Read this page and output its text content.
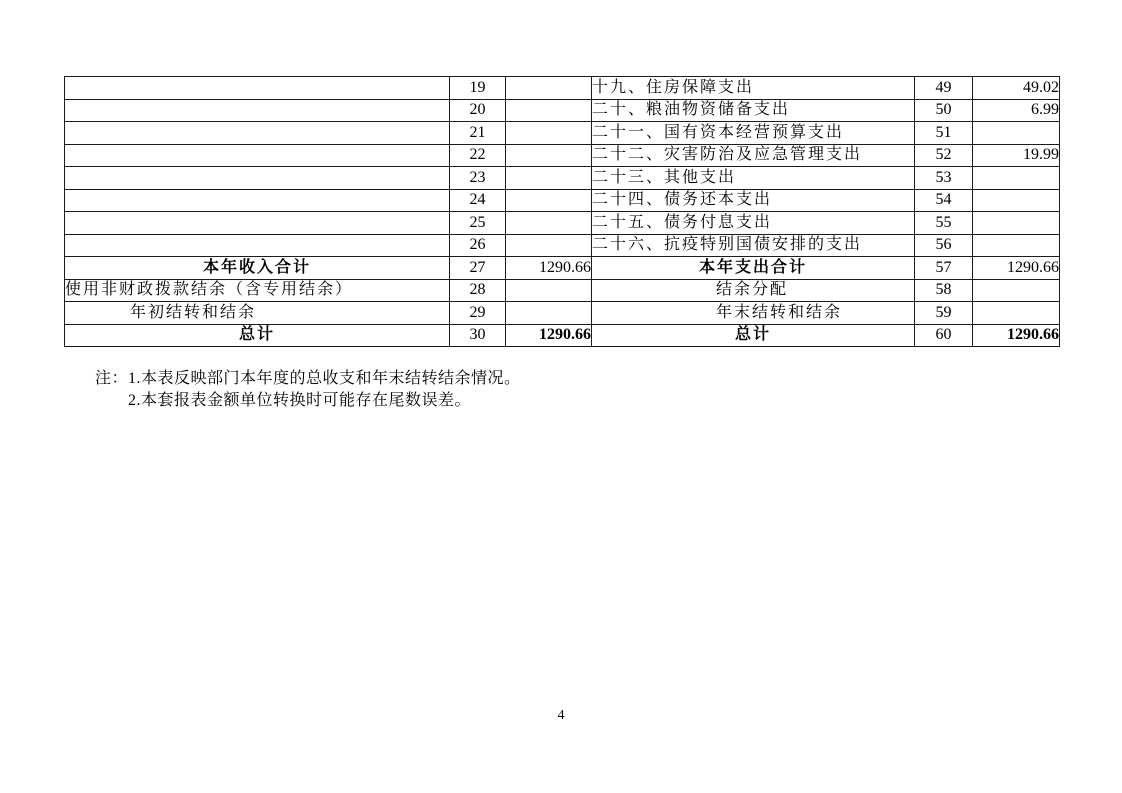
	19		十九、住房保障支出	49	49.02
	20		二十、粮油物资储备支出	50	6.99
	21		二十一、国有资本经营预算支出	51	
	22		二十二、灾害防治及应急管理支出	52	19.99
	23		二十三、其他支出	53	
	24		二十四、债务还本支出	54	
	25		二十五、债务付息支出	55	
	26		二十六、抗疫特别国债安排的支出	56	
本年收入合计	27	1290.66	本年支出合计	57	1290.66
使用非财政拨款结余（含专用结余）	28		结余分配	58	
年初结转和结余	29		年末结转和结余	59	
总计	30	1290.66	总计	60	1290.66
注： 1.本表反映部门本年度的总收支和年末结转结余情况。
2.本套报表金额单位转换时可能存在尾数误差。
4
